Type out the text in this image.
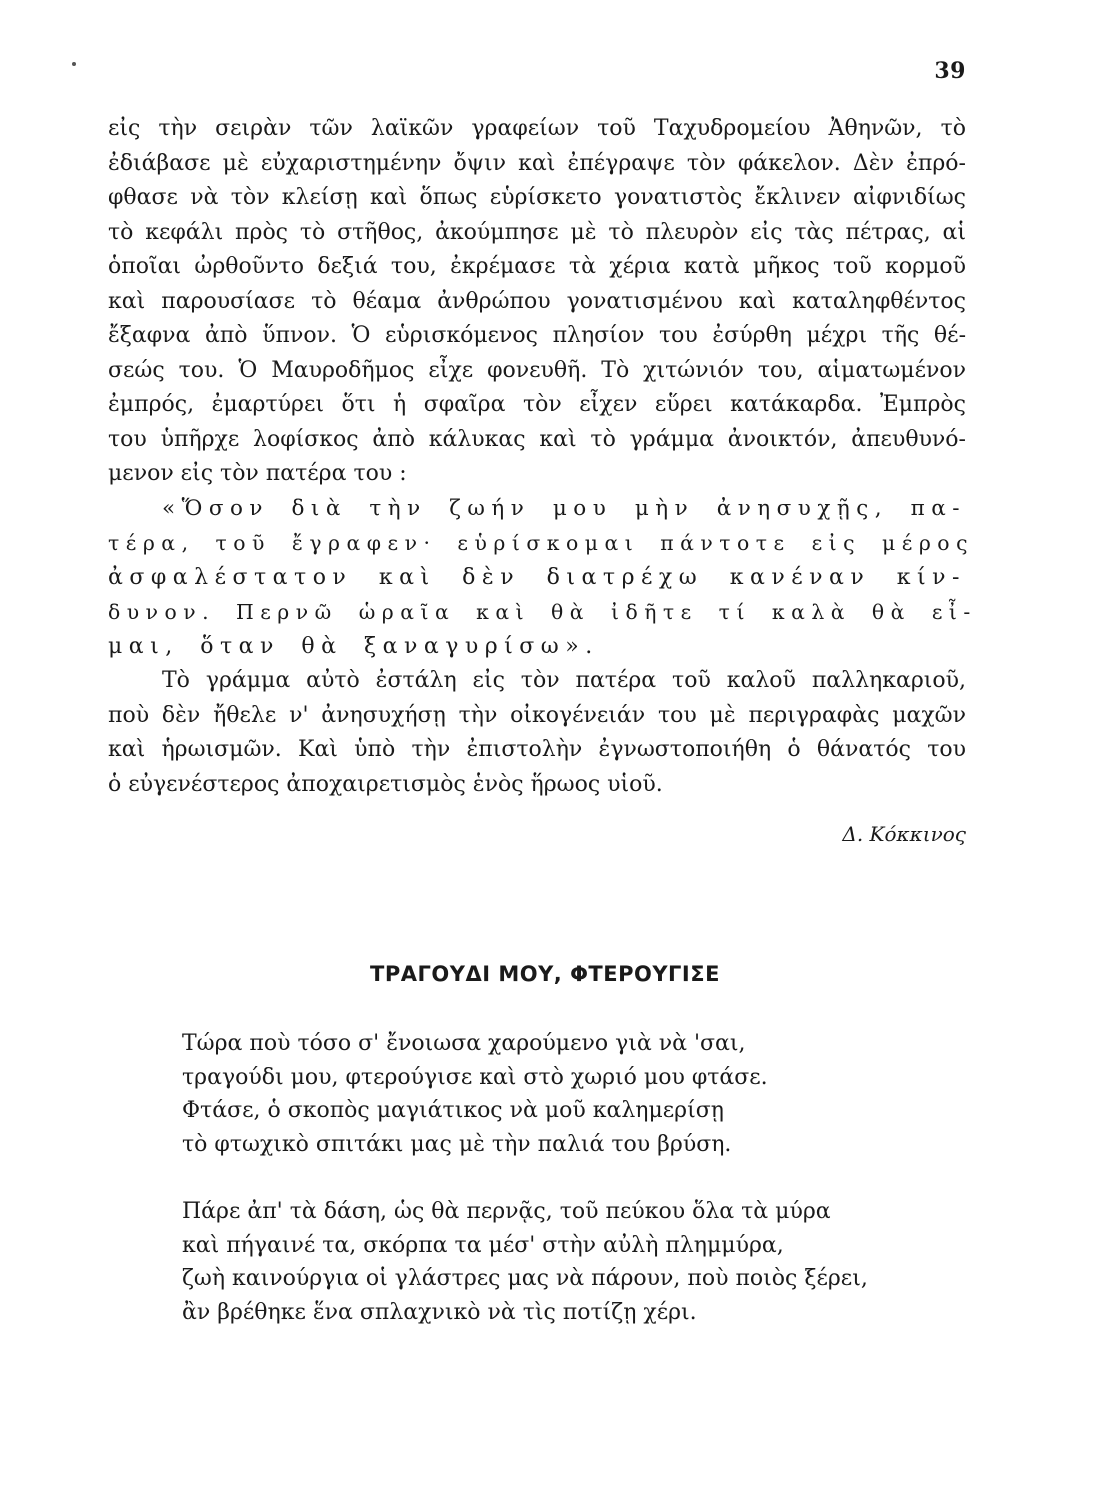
39
εἰς τὴν σειρὰν τῶν λαϊκῶν γραφείων τοῦ Ταχυδρομείου Ἀθηνῶν, τὸ
ἐδιάβασε μὲ εὐχαριστημένην ὄψιν καὶ ἐπέγραψε τὸν φάκελον. Δὲν ἐπρό-
φθασε νὰ τὸν κλείσῃ καὶ ὅπως εὑρίσκετο γονατιστὸς ἔκλινεν αἰφνιδίως
τὸ κεφάλι πρὸς τὸ στῆθος, ἀκούμπησε μὲ τὸ πλευρὸν εἰς τὰς πέτρας, αἱ
ὁποῖαι ὠρθοῦντο δεξιά του, ἐκρέμασε τὰ χέρια κατὰ μῆκος τοῦ κορμοῦ
καὶ παρουσίασε τὸ θέαμα ἀνθρώπου γονατισμένου καὶ καταληφθέντος
ἔξαφνα ἀπὸ ὕπνον. Ὁ εὑρισκόμενος πλησίον του ἐσύρθη μέχρι τῆς θέ-
σεώς του. Ὁ Μαυροδῆμος εἶχε φονευθῆ. Τὸ χιτώνιόν του, αἱματωμένον
ἐμπρός, ἐμαρτύρει ὅτι ἡ σφαῖρα τὸν εἶχεν εὕρει κατάκαρδα. Ἐμπρὸς
του ὑπῆρχε λοφίσκος ἀπὸ κάλυκας καὶ τὸ γράμμα ἀνοικτόν, ἀπευθυνό-
μενον εἰς τὸν πατέρα του :
«Ὅσον διὰ τὴν ζωήν μου μὴν ἀνησυχῇς, πα-
τέρα, τοῦ ἔγραφεν· εὑρίσκομαι πάντοτε εἰς μέρος
ἀσφαλέστατον καὶ δὲν διατρέχω κανέναν κίν-
δυνον. Περνῶ ὡραῖα καὶ θὰ ἰδῆτε τί καλὰ θὰ εἶ-
μαι, ὅταν θὰ ξαναγυρίσω».
Τὸ γράμμα αὐτὸ ἐστάλη εἰς τὸν πατέρα τοῦ καλοῦ παλληκαριοῦ,
ποὺ δὲν ἤθελε ν' ἀνησυχήσῃ τὴν οἰκογένειάν του μὲ περιγραφὰς μαχῶν
καὶ ἡρωισμῶν. Καὶ ὑπὸ τὴν ἐπιστολὴν ἐγνωστοποιήθη ὁ θάνατός του
ὁ εὐγενέστερος ἀποχαιρετισμὸς ἑνὸς ἥρωος υἱοῦ.
Δ. Κόκκινος
ΤΡΑΓΟΥΔΙ ΜΟΥ, ΦΤΕΡΟΥΓΙΣΕ
Τώρα ποὺ τόσο σ' ἔνοιωσα χαρούμενο γιὰ νὰ 'σαι,
τραγούδι μου, φτερούγισε καὶ στὸ χωριό μου φτάσε.
Φτάσε, ὁ σκοπὸς μαγιάτικος νὰ μοῦ καλημερίσῃ
τὸ φτωχικὸ σπιτάκι μας μὲ τὴν παλιά του βρύση.
Πάρε ἀπ' τὰ δάση, ὡς θὰ περνᾷς, τοῦ πεύκου ὅλα τὰ μύρα
καὶ πήγαινέ τα, σκόρπα τα μέσ' στὴν αὐλὴ πλημμύρα,
ζωὴ καινούργια οἱ γλάστρες μας νὰ πάρουν, ποὺ ποιὸς ξέρει,
ἂν βρέθηκε ἕνα σπλαχνικὸ νὰ τὶς ποτίζῃ χέρι.
